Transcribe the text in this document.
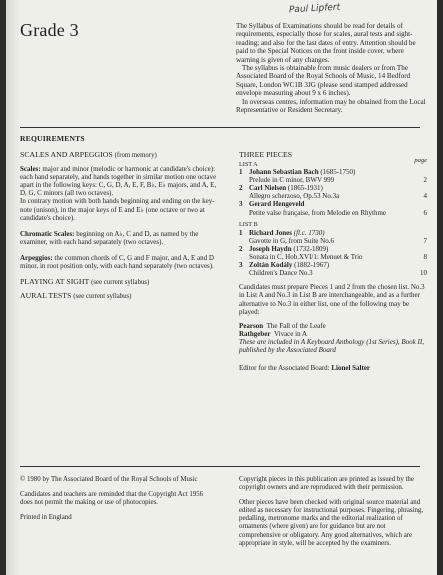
Grade 3
Paul Lipfert

The Syllabus of Examinations should be read for details of requirements, especially those for scales, aural tests and sight-reading; and also for the last dates of entry. Attention should be paid to the Special Notices on the front inside cover, where warning is given of any changes.

The syllabus is obtainable from music dealers or from The Associated Board of the Royal Schools of Music, 14 Bedford Square, London WC1B 3JG (please send stamped addressed envelope measuring about 9 x 6 inches).

In overseas centres, information may be obtained from the Local Representative or Resident Secretary.

REQUIREMENTS
SCALES AND ARPEGGIOS (from memory)
Scales: major and minor (melodic or harmonic at candidate's choice): each hand separately, and hands together in similar motion one octave apart in the following keys: C, G, D, A, E, F, B♭, E♭ majors, and A, E, D, G, C minors (all two octaves).
In contrary motion with both hands beginning and ending on the key-note (unison), in the major keys of E and E♭ (one octave or two at candidate's choice).
Chromatic Scales: beginning on A♭, C and D, as named by the examiner, with each hand separately (two octaves).
Arpeggios: the common chords of C, G and F major, and A, E and D minor, in root position only, with each hand separately (two octaves).
PLAYING AT SIGHT (see current syllabus)
AURAL TESTS (see current syllabus)
THREE PIECES
LIST A
page
1 Johann Sebastian Bach (1685-1750)
Prelude in C minor, BWV 999	2
2 Carl Nielsen (1865-1931)
Allegro scherzoso, Op.53 No.3a	4
3 Gerard Hengeveld
Petite valse française, from Melodie en Rhythme	6
LIST B
1 Richard Jones (fl.c. 1730)
Gavotte in G, from Suite No.6	7
2 Joseph Haydn (1732-1809)
Sonata in C, Hob.XVI/1: Menuet & Trio	8
3 Zoltán Kodály (1882-1967)
Children's Dance No.3	10
Candidates must prepare Pieces 1 and 2 from the chosen list. No.3 in List A and No.3 in List B are interchangeable, and as a further alternative to No.3 in either list, one of the following may be played:
Pearson The Fall of the Leafe
Rathgeber Vivace in A
These are included in A Keyboard Anthology (1st Series), Book II, published by the Associated Board
Editor for the Associated Board: Lionel Salter

© 1980 by The Associated Board of the Royal Schools of Music

Candidates and teachers are reminded that the Copyright Act 1956 does not permit the making or use of photocopies.

Printed in England

Copyright pieces in this publication are printed as issued by the copyright owners and are reproduced with their permission.

Other pieces have been checked with original source material and edited as necessary for instructional purposes. Fingering, phrasing, pedalling, metronome marks and the editorial realization of ornaments (where given) are for guidance but are not comprehensive or obligatory. Any good alternatives, which are appropriate in style, will be accepted by the examiners.
